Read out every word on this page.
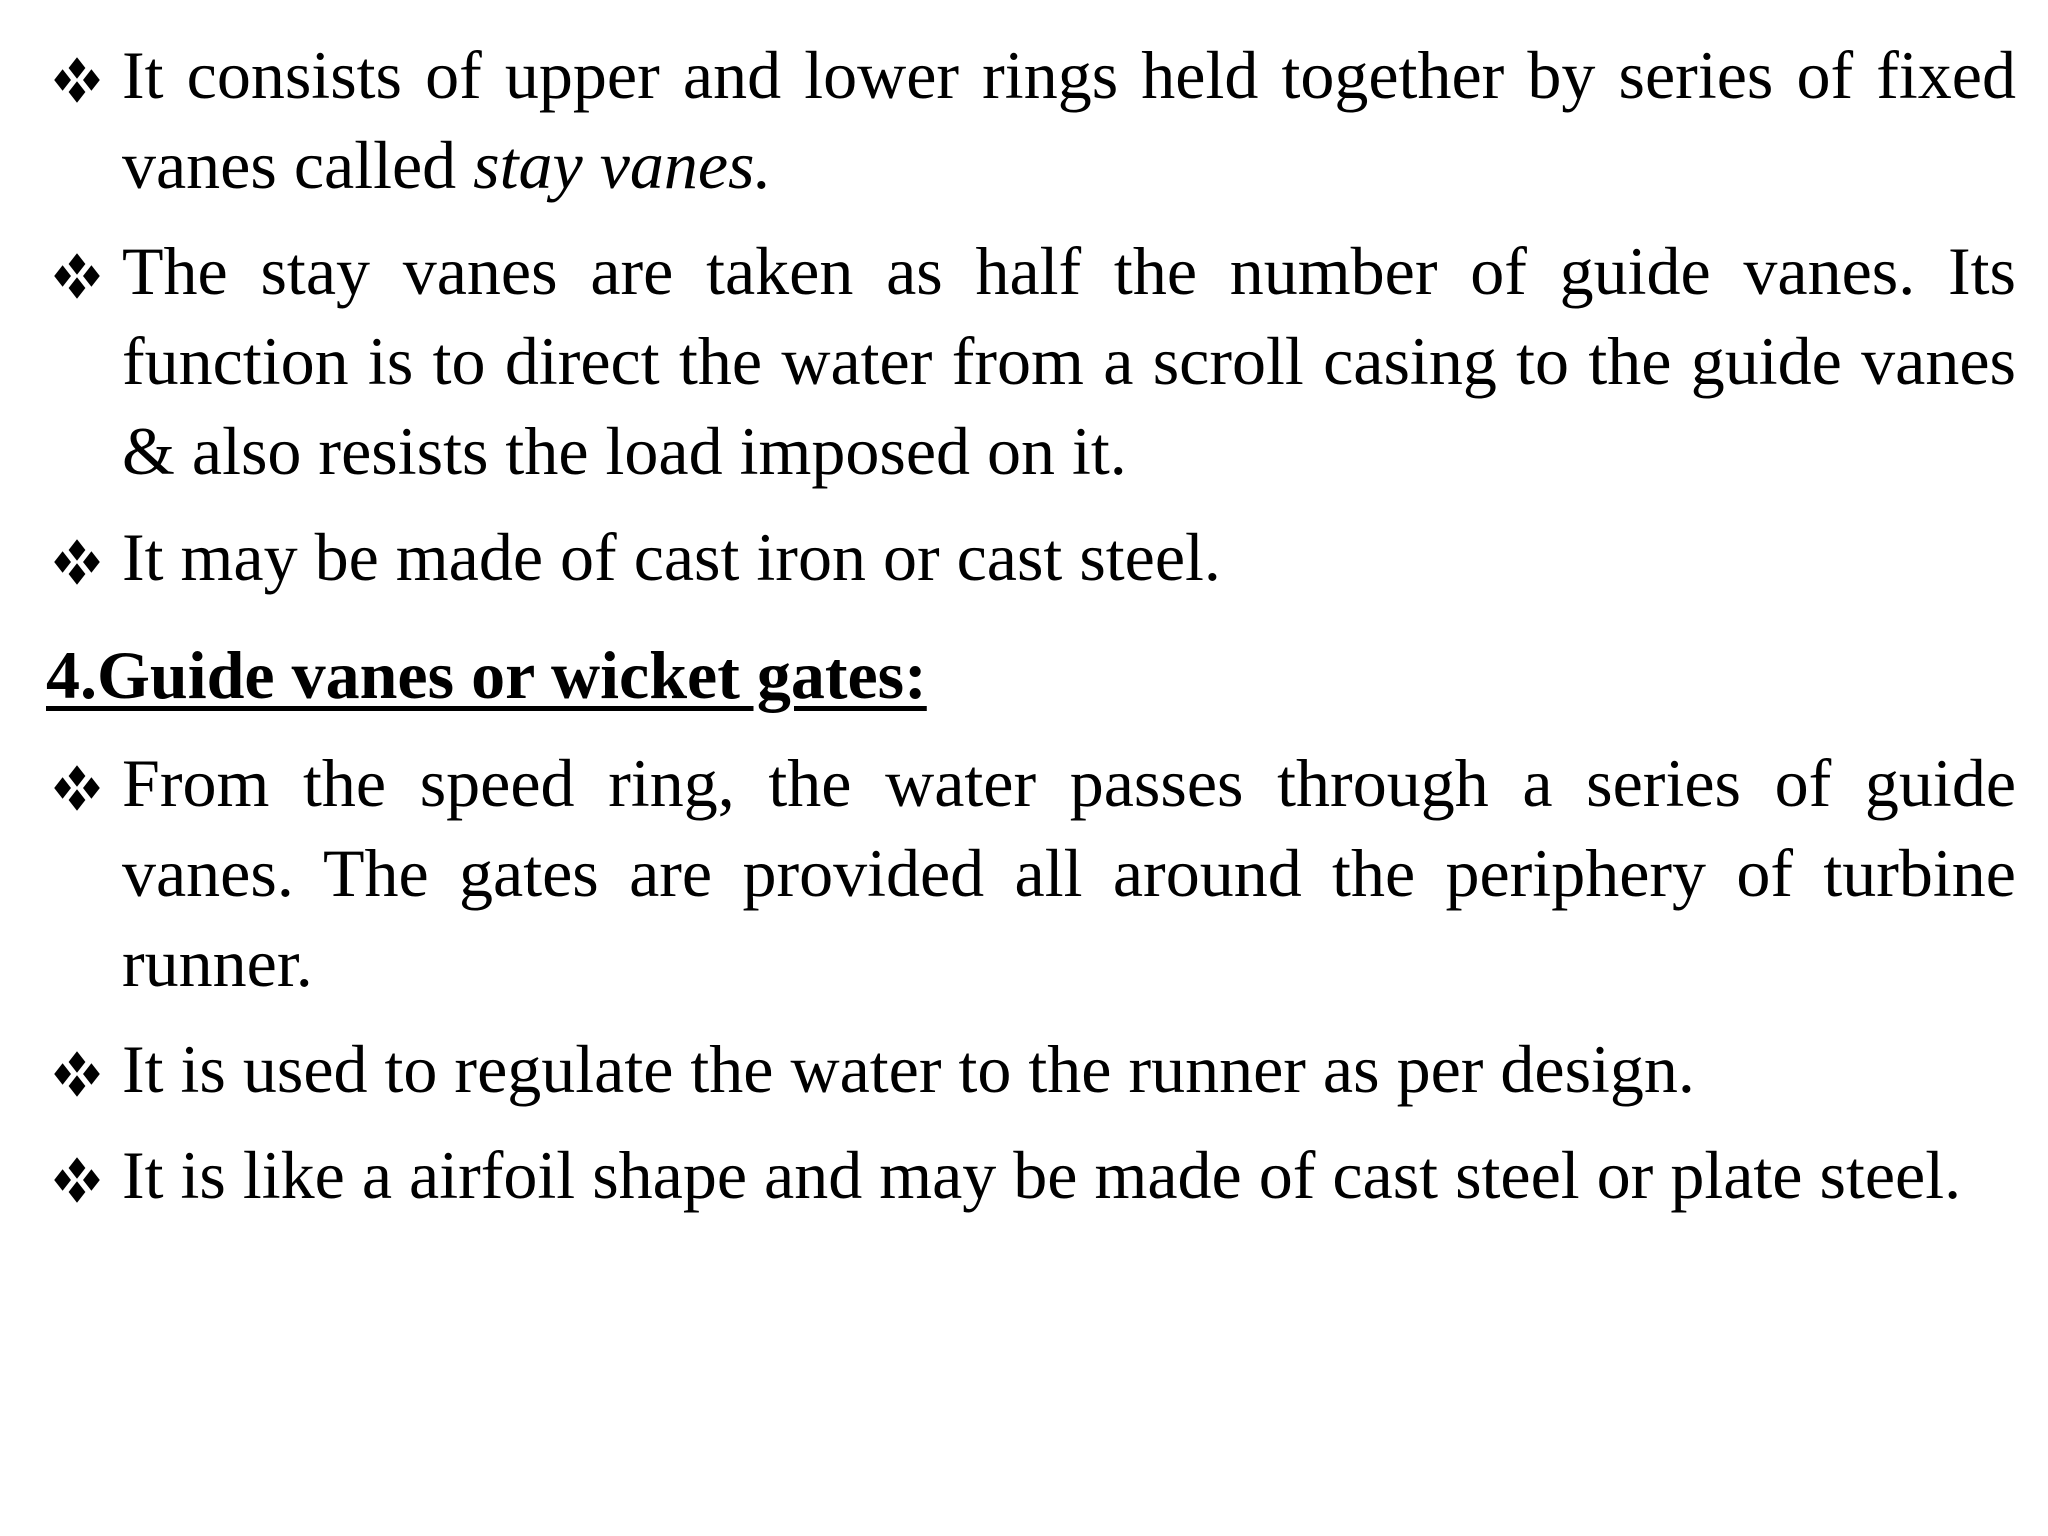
It consists of upper and lower rings held together by series of fixed vanes called stay vanes.

The stay vanes are taken as half the number of guide vanes. Its function is to direct the water from a scroll casing to the guide vanes & also resists the load imposed on it.

It may be made of cast iron or cast steel.

4.Guide vanes or wicket gates:

From the speed ring, the water passes through a series of guide vanes. The gates are provided all around the periphery of turbine runner.

It is used to regulate the water to the runner as per design.

It is like a airfoil shape and may be made of cast steel or plate steel.
